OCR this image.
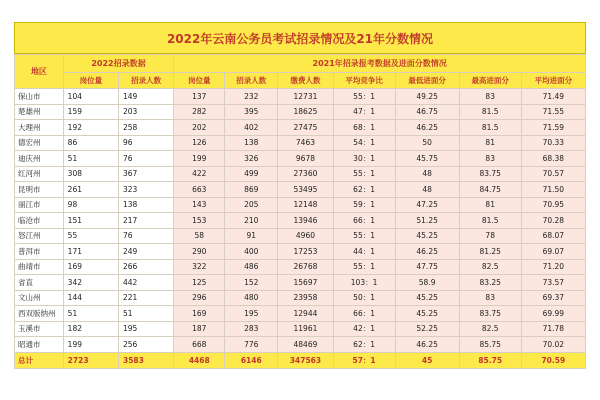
2022年云南公务员考试招录情况及21年分数情况
地区	2022招录数据		2021年招录报考数据及进面分数情况						
	岗位量	招录人数	岗位量	招录人数	缴费人数	平均竞争比	最低进面分	最高进面分	平均进面分
保山市	104	149	137	232	12731	55：1	49.25	83	71.49
楚雄州	159	203	282	395	18625	47：1	46.75	81.5	71.55
大理州	192	258	202	402	27475	68：1	46.25	81.5	71.59
德宏州	86	96	126	138	7463	54：1	50	81	70.33
迪庆州	51	76	199	326	9678	30：1	45.75	83	68.38
红河州	308	367	422	499	27360	55：1	48	83.75	70.57
昆明市	261	323	663	869	53495	62：1	48	84.75	71.50
丽江市	98	138	143	205	12148	59：1	47.25	81	70.95
临沧市	151	217	153	210	13946	66：1	51.25	81.5	70.28
怒江州	55	76	58	91	4960	55：1	45.25	78	68.07
普洱市	171	249	290	400	17253	44：1	46.25	81.25	69.07
曲靖市	169	266	322	486	26768	55：1	47.75	82.5	71.20
省直	342	442	125	152	15697	103：1	58.9	83.25	73.57
文山州	144	221	296	480	23958	50：1	45.25	83	69.37
西双版纳州	51	51	169	195	12944	66：1	45.25	83.75	69.99
玉溪市	182	195	187	283	11961	42：1	52.25	82.5	71.78
昭通市	199	256	668	776	48469	62：1	46.25	85.75	70.02
总计	2723	3583	4468	6146	347563	57：1	45	85.75	70.59
